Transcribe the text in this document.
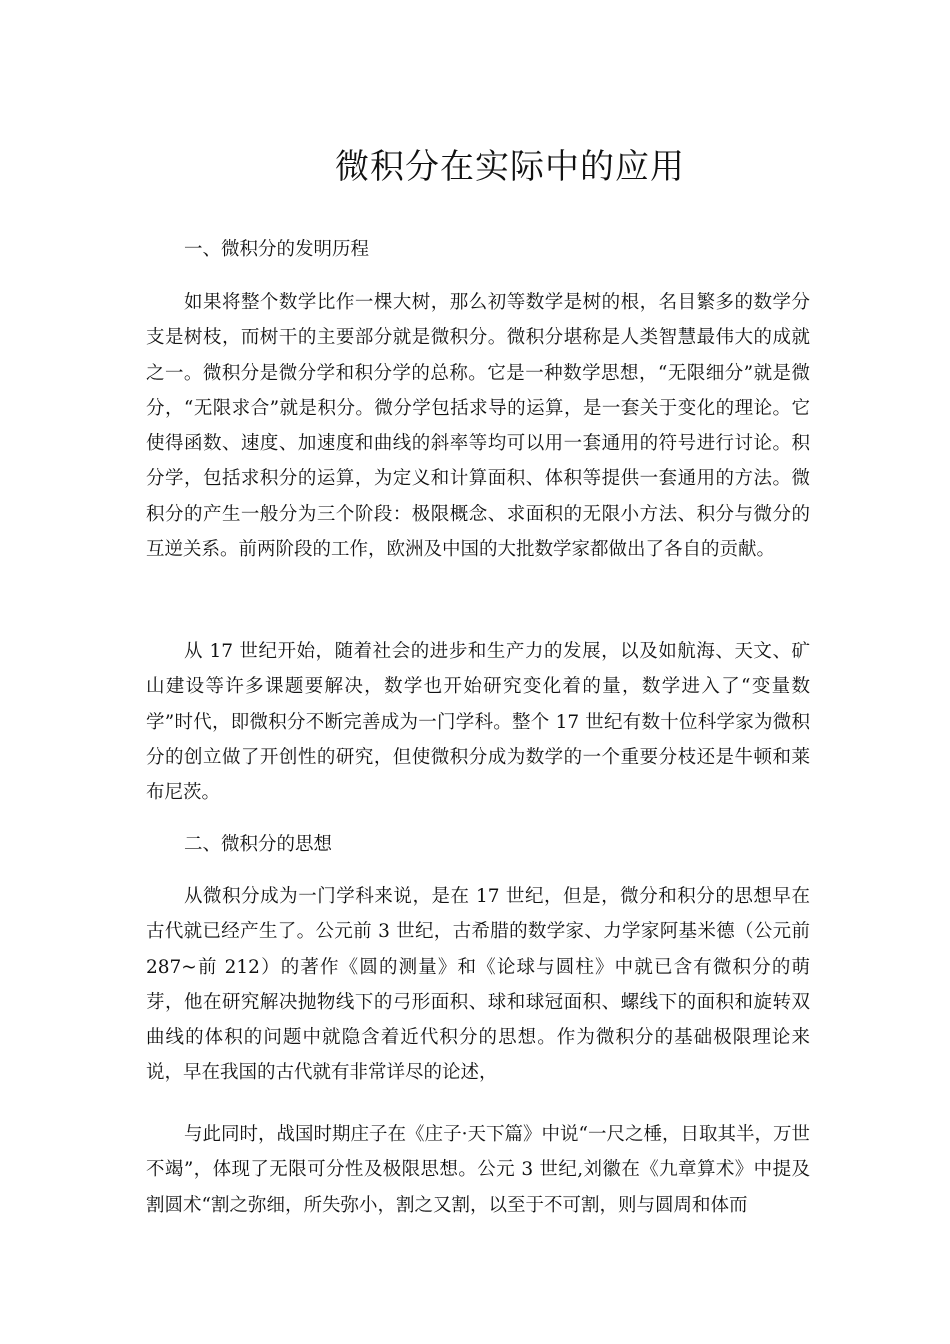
微积分在实际中的应用
一、微积分的发明历程

如果将整个数学比作一棵大树，那么初等数学是树的根，名目繁多的数学分支是树枝，而树干的主要部分就是微积分。微积分堪称是人类智慧最伟大的成就之一。微积分是微分学和积分学的总称。它是一种数学思想，“无限细分”就是微分，“无限求合”就是积分。微分学包括求导的运算，是一套关于变化的理论。它使得函数、速度、加速度和曲线的斜率等均可以用一套通用的符号进行讨论。积分学，包括求积分的运算，为定义和计算面积、体积等提供一套通用的方法。微积分的产生一般分为三个阶段：极限概念、求面积的无限小方法、积分与微分的互逆关系。前两阶段的工作，欧洲及中国的大批数学家都做出了各自的贡献。

从 17 世纪开始，随着社会的进步和生产力的发展，以及如航海、天文、矿山建设等许多课题要解决，数学也开始研究变化着的量，数学进入了“变量数学”时代，即微积分不断完善成为一门学科。整个 17 世纪有数十位科学家为微积分的创立做了开创性的研究，但使微积分成为数学的一个重要分枝还是牛顿和莱布尼茨。

二、微积分的思想

从微积分成为一门学科来说，是在 17 世纪，但是，微分和积分的思想早在古代就已经产生了。公元前 3 世纪，古希腊的数学家、力学家阿基米德（公元前 287~前 212）的著作《圆的测量》和《论球与圆柱》中就已含有微积分的萌芽，他在研究解决抛物线下的弓形面积、球和球冠面积、螺线下的面积和旋转双曲线的体积的问题中就隐含着近代积分的思想。作为微积分的基础极限理论来说，早在我国的古代就有非常详尽的论述，

与此同时，战国时期庄子在《庄子·天下篇》中说“一尺之棰，日取其半，万世不竭”，体现了无限可分性及极限思想。公元 3 世纪,刘徽在《九章算术》中提及割圆术“割之弥细，所失弥小，割之又割，以至于不可割，则与圆周和体而
